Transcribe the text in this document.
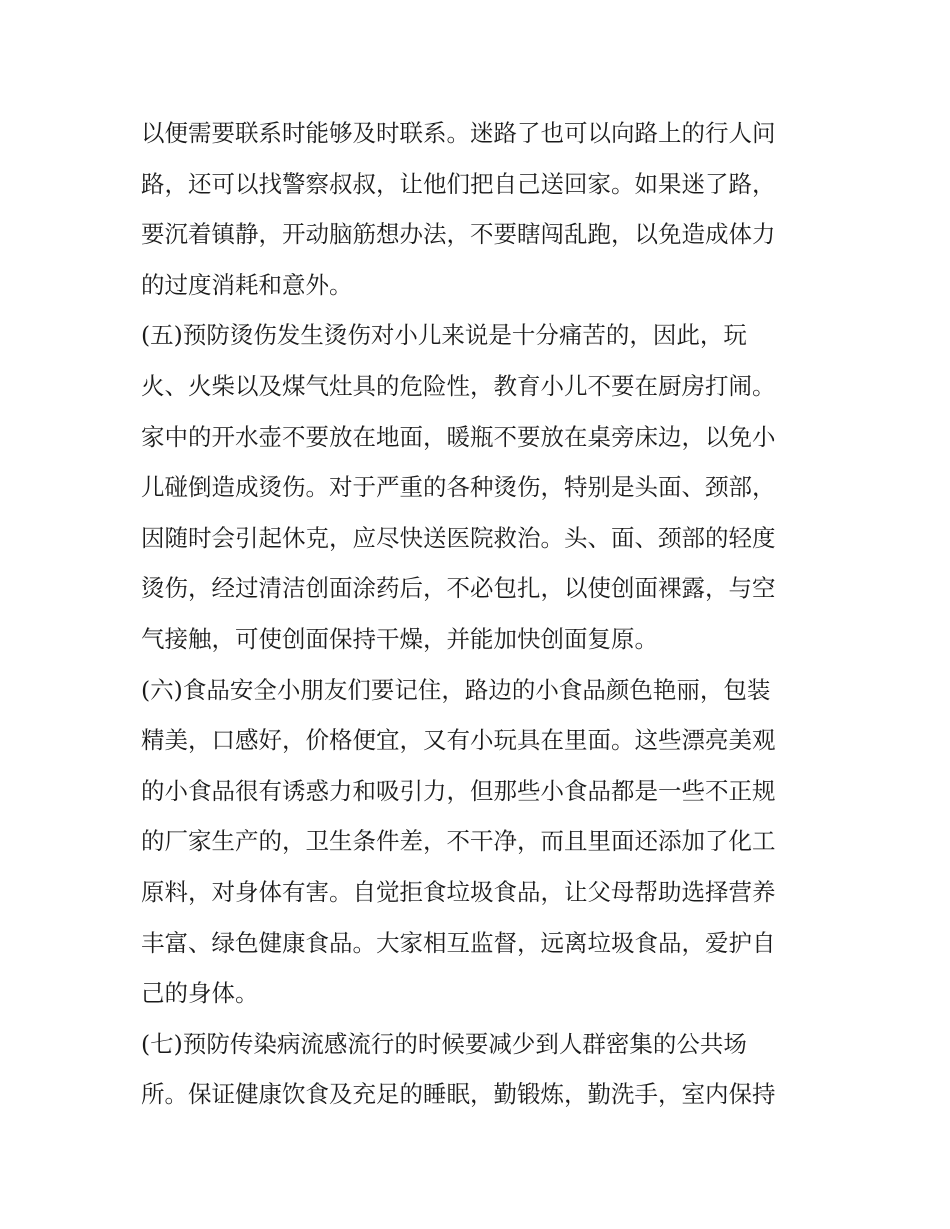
以便需要联系时能够及时联系。迷路了也可以向路上的行人问
路，还可以找警察叔叔，让他们把自己送回家。如果迷了路，
要沉着镇静，开动脑筋想办法，不要瞎闯乱跑，以免造成体力
的过度消耗和意外。
(五)预防烫伤发生烫伤对小儿来说是十分痛苦的，因此，玩
火、火柴以及煤气灶具的危险性，教育小儿不要在厨房打闹。
家中的开水壶不要放在地面，暖瓶不要放在桌旁床边，以免小
儿碰倒造成烫伤。对于严重的各种烫伤，特别是头面、颈部，
因随时会引起休克，应尽快送医院救治。头、面、颈部的轻度
烫伤，经过清洁创面涂药后，不必包扎，以使创面裸露，与空
气接触，可使创面保持干燥，并能加快创面复原。
(六)食品安全小朋友们要记住，路边的小食品颜色艳丽，包装
精美，口感好，价格便宜，又有小玩具在里面。这些漂亮美观
的小食品很有诱惑力和吸引力，但那些小食品都是一些不正规
的厂家生产的，卫生条件差，不干净，而且里面还添加了化工
原料，对身体有害。自觉拒食垃圾食品，让父母帮助选择营养
丰富、绿色健康食品。大家相互监督，远离垃圾食品，爱护自
己的身体。
(七)预防传染病流感流行的时候要减少到人群密集的公共场
所。保证健康饮食及充足的睡眠，勤锻炼，勤洗手，室内保持
